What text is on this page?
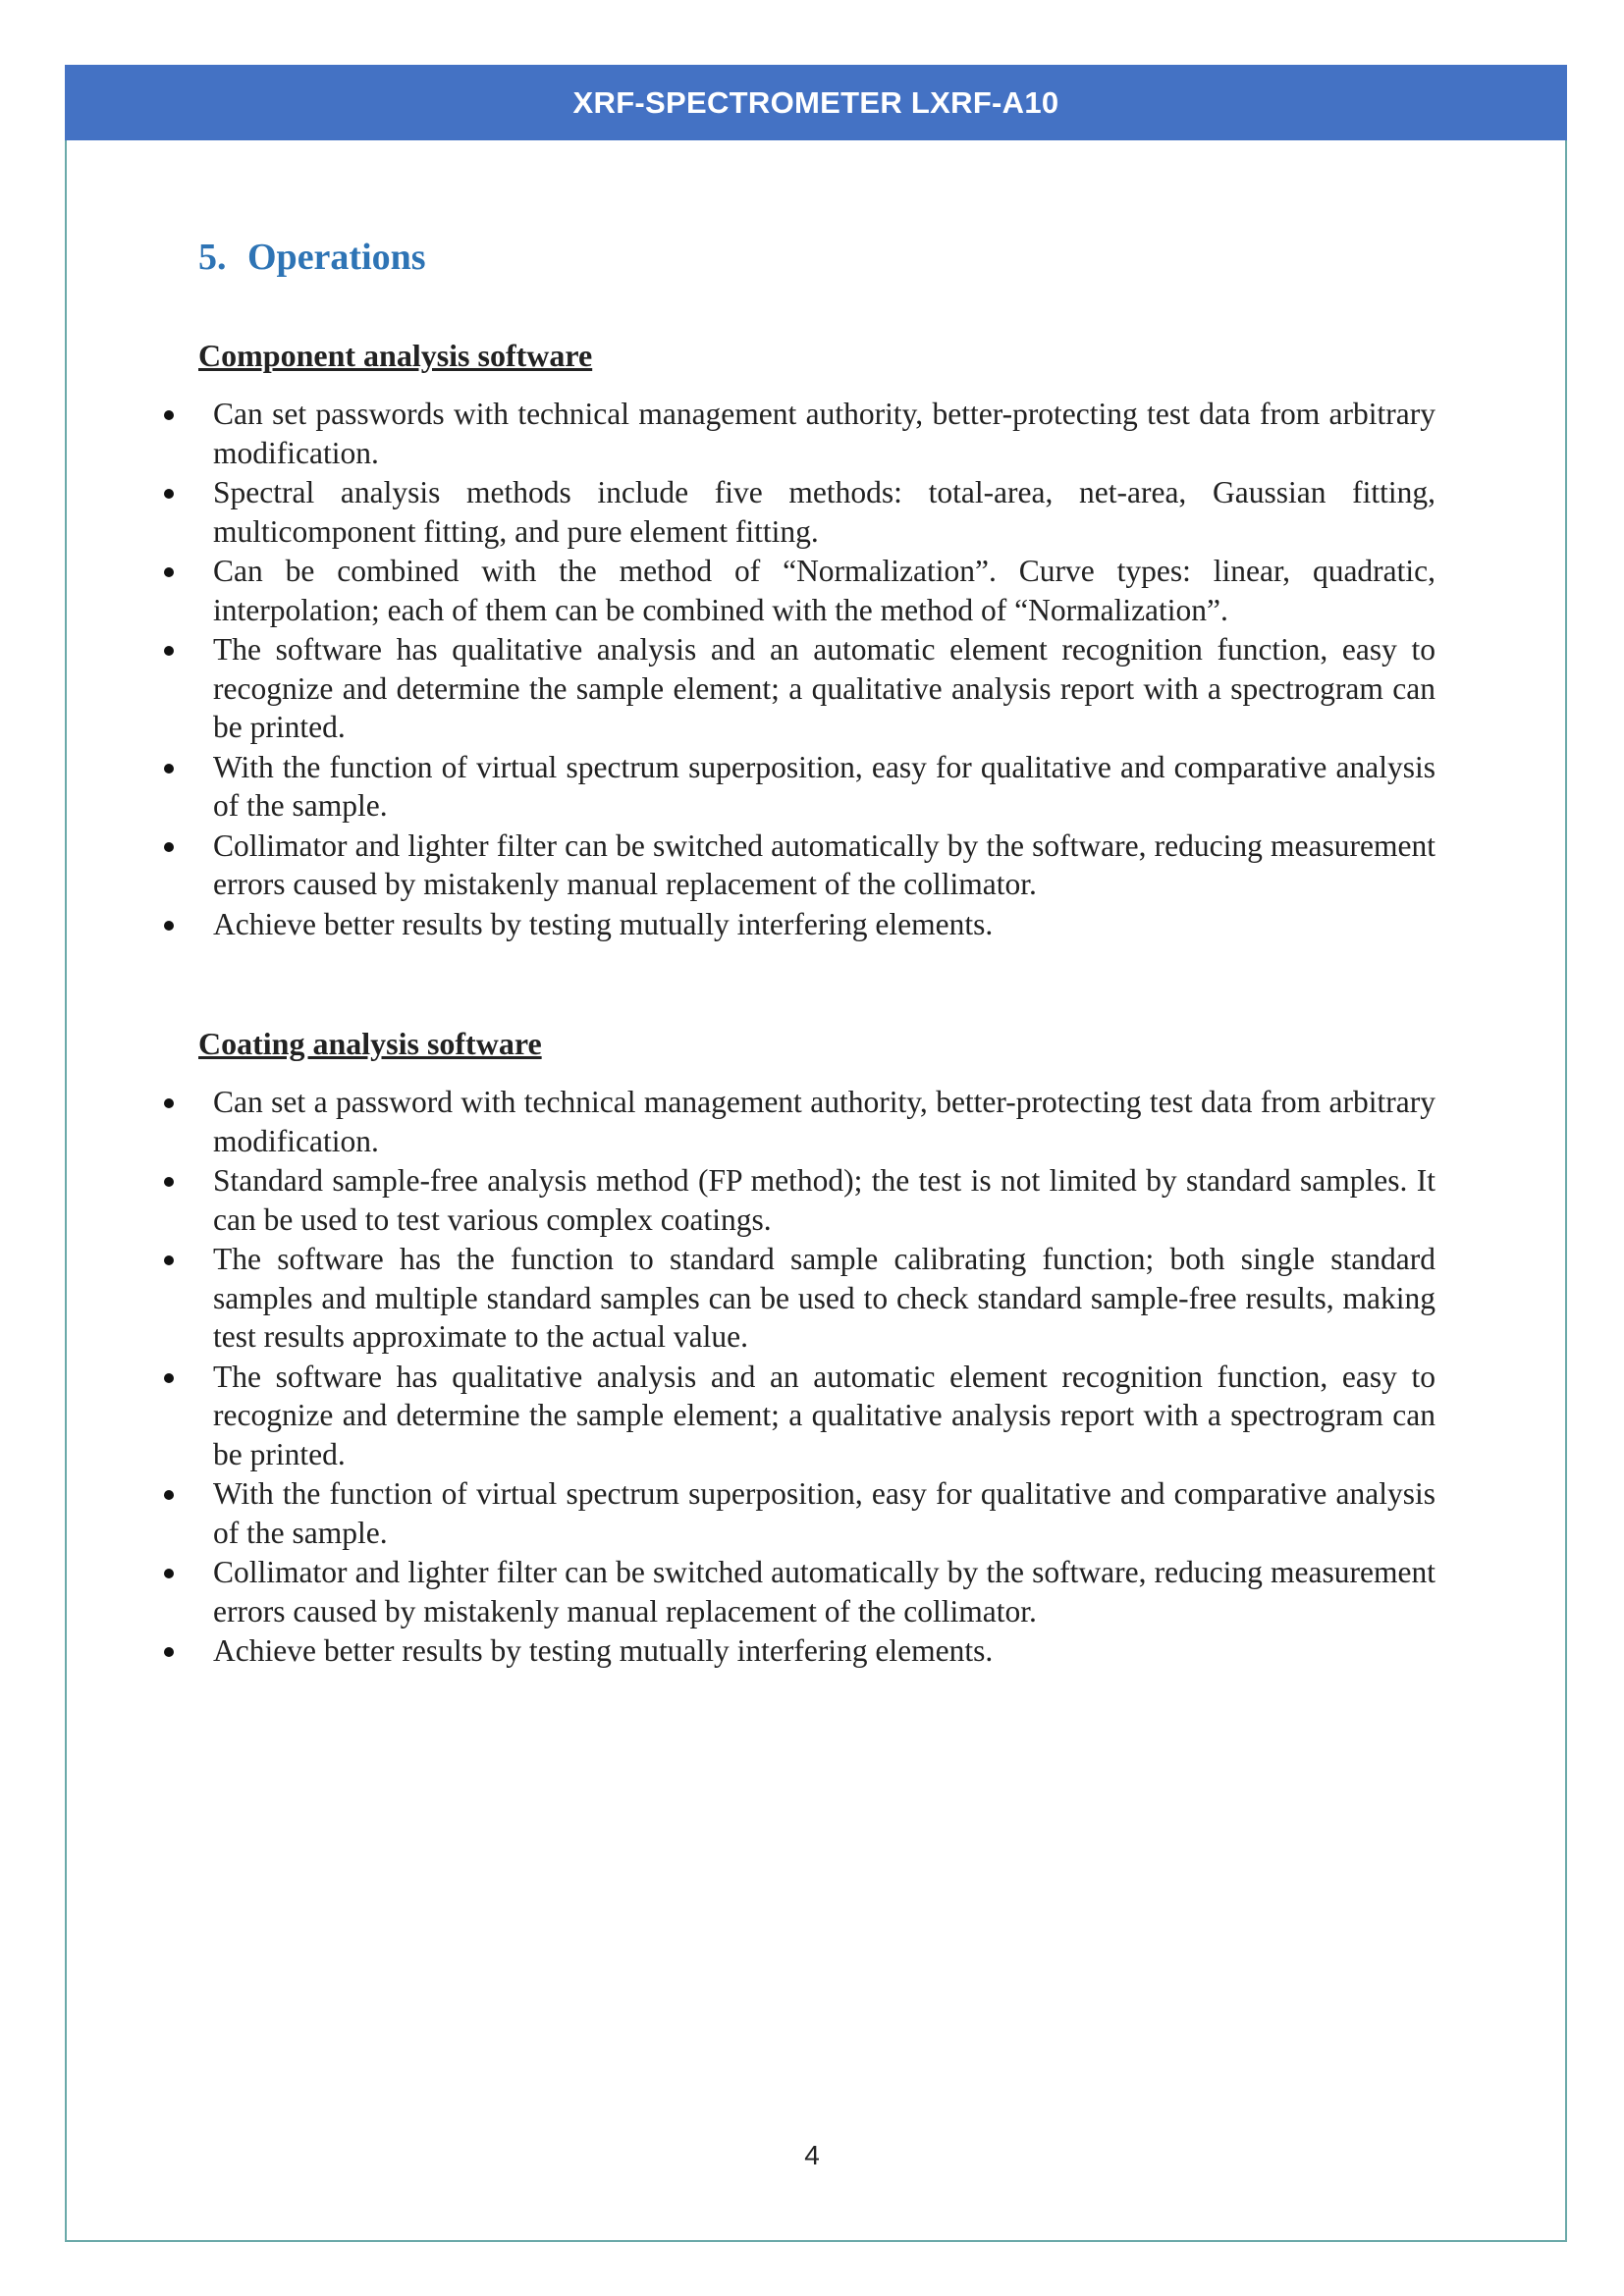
XRF-SPECTROMETER LXRF-A10
5. Operations
Component analysis software
Can set passwords with technical management authority, better-protecting test data from arbitrary modification.
Spectral analysis methods include five methods: total-area, net-area, Gaussian fitting, multicomponent fitting, and pure element fitting.
Can be combined with the method of “Normalization”. Curve types: linear, quadratic, interpolation; each of them can be combined with the method of “Normalization”.
The software has qualitative analysis and an automatic element recognition function, easy to recognize and determine the sample element; a qualitative analysis report with a spectrogram can be printed.
With the function of virtual spectrum superposition, easy for qualitative and comparative analysis of the sample.
Collimator and lighter filter can be switched automatically by the software, reducing measurement errors caused by mistakenly manual replacement of the collimator.
Achieve better results by testing mutually interfering elements.
Coating analysis software
Can set a password with technical management authority, better-protecting test data from arbitrary modification.
Standard sample-free analysis method (FP method); the test is not limited by standard samples. It can be used to test various complex coatings.
The software has the function to standard sample calibrating function; both single standard samples and multiple standard samples can be used to check standard sample-free results, making test results approximate to the actual value.
The software has qualitative analysis and an automatic element recognition function, easy to recognize and determine the sample element; a qualitative analysis report with a spectrogram can be printed.
With the function of virtual spectrum superposition, easy for qualitative and comparative analysis of the sample.
Collimator and lighter filter can be switched automatically by the software, reducing measurement errors caused by mistakenly manual replacement of the collimator.
Achieve better results by testing mutually interfering elements.
4
